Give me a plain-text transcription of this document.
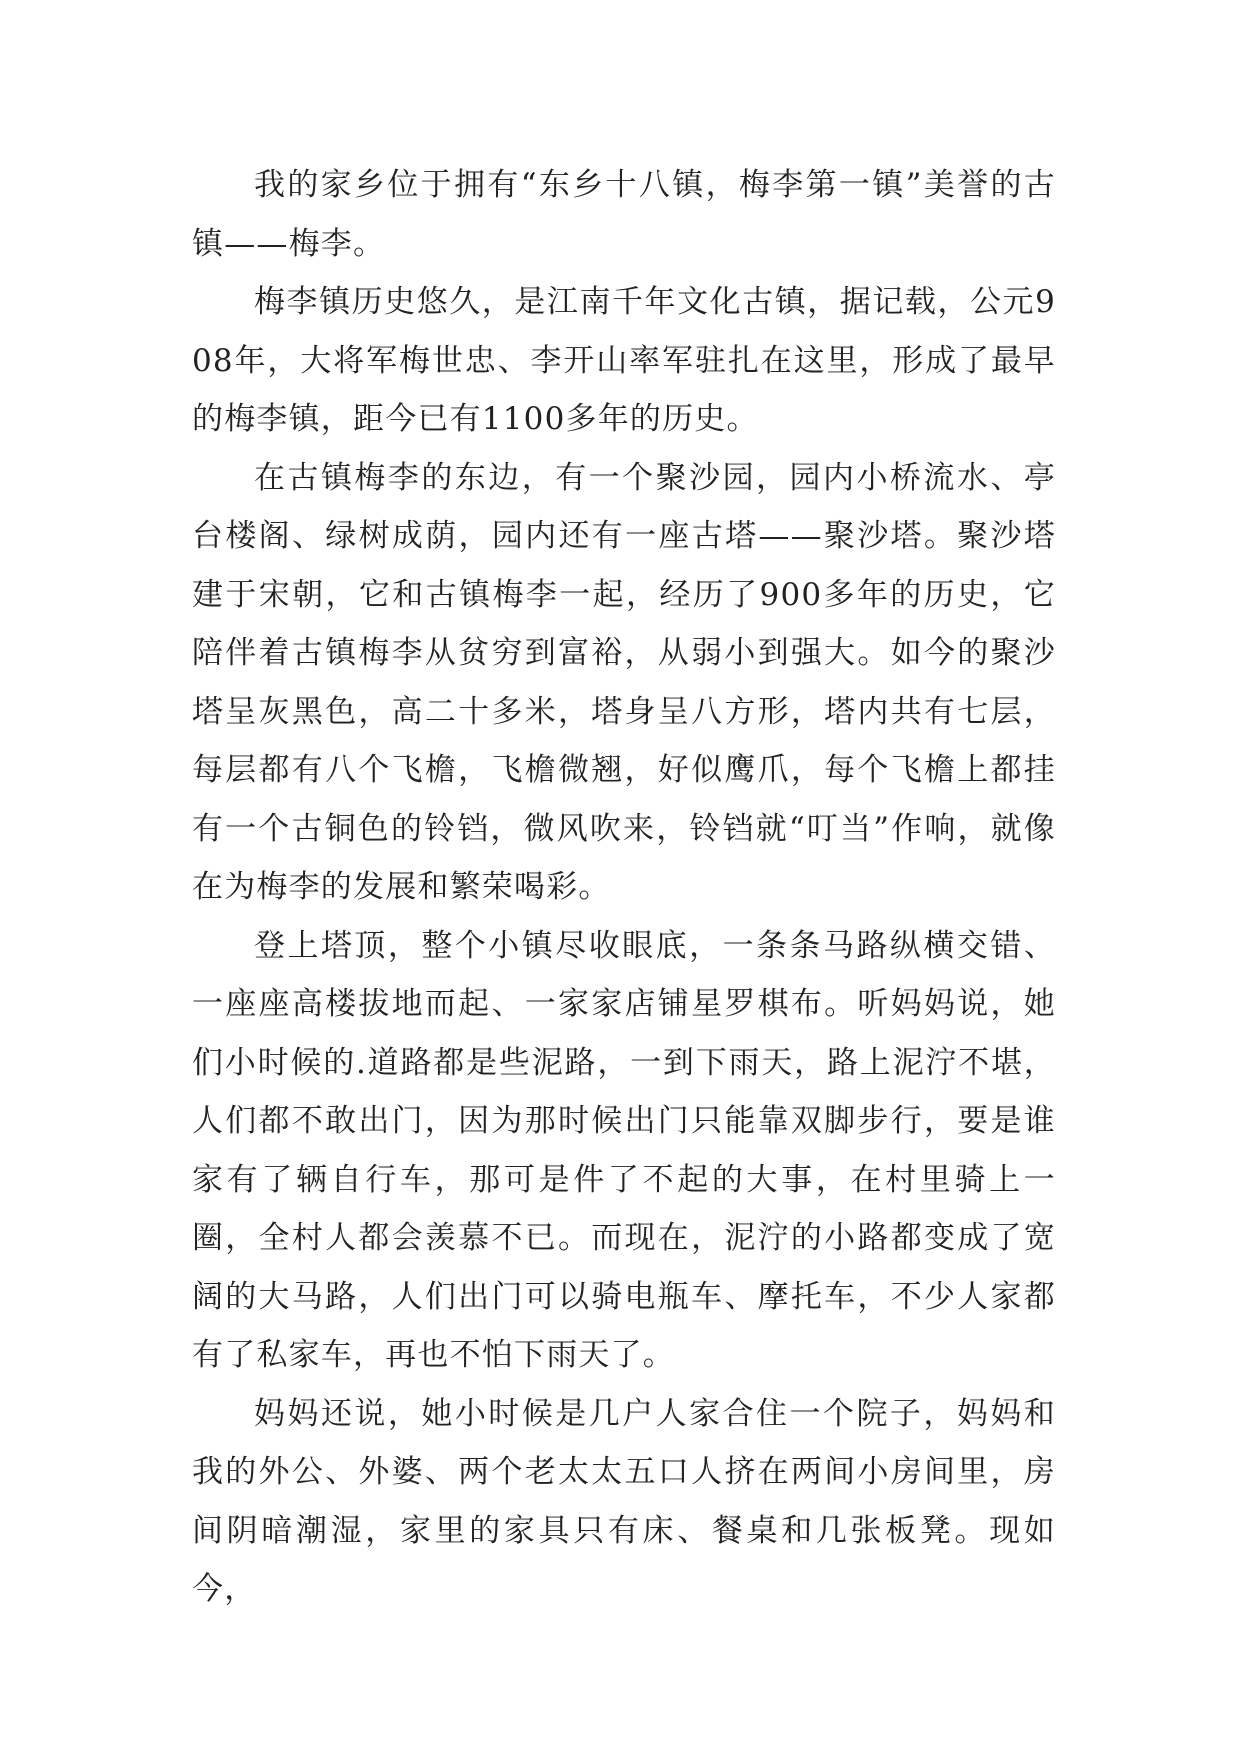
我的家乡位于拥有“东乡十八镇，梅李第一镇”美誉的古镇——梅李。

梅李镇历史悠久，是江南千年文化古镇，据记载，公元908年，大将军梅世忠、李开山率军驻扎在这里，形成了最早的梅李镇，距今已有1100多年的历史。

在古镇梅李的东边，有一个聚沙园，园内小桥流水、亭台楼阁、绿树成荫，园内还有一座古塔——聚沙塔。聚沙塔建于宋朝，它和古镇梅李一起，经历了900多年的历史，它陪伴着古镇梅李从贫穷到富裕，从弱小到强大。如今的聚沙塔呈灰黑色，高二十多米，塔身呈八方形，塔内共有七层，每层都有八个飞檐，飞檐微翘，好似鹰爪，每个飞檐上都挂有一个古铜色的铃铛，微风吹来，铃铛就“叮当”作响，就像在为梅李的发展和繁荣喝彩。

登上塔顶，整个小镇尽收眼底，一条条马路纵横交错、一座座高楼拔地而起、一家家店铺星罗棋布。听妈妈说，她们小时候的.道路都是些泥路，一到下雨天，路上泥泞不堪，人们都不敢出门，因为那时候出门只能靠双脚步行，要是谁家有了辆自行车，那可是件了不起的大事，在村里骑上一圈，全村人都会羡慕不已。而现在，泥泞的小路都变成了宽阔的大马路，人们出门可以骑电瓶车、摩托车，不少人家都有了私家车，再也不怕下雨天了。

妈妈还说，她小时候是几户人家合住一个院子，妈妈和我的外公、外婆、两个老太太五口人挤在两间小房间里，房间阴暗潮湿，家里的家具只有床、餐桌和几张板凳。现如今，
